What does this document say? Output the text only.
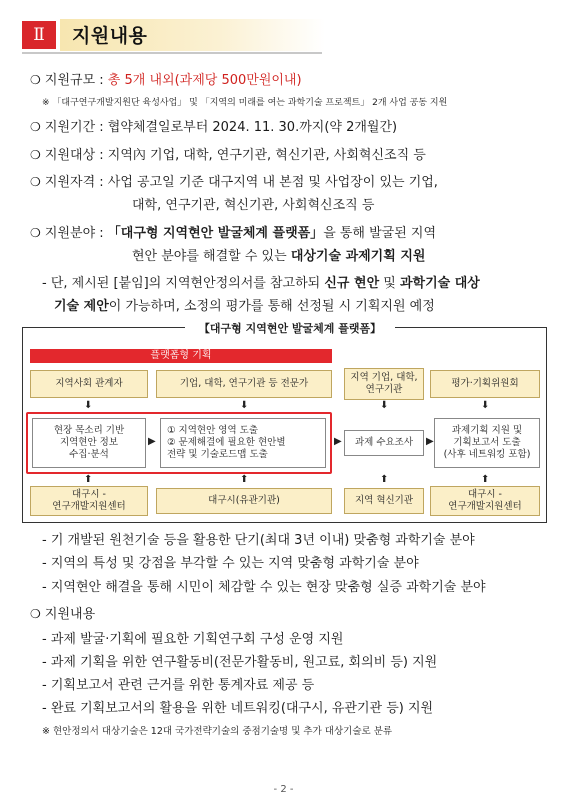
Ⅱ	지원내용
❍ 지원규모 : 총 5개 내외(과제당 500만원이내)
※ 「대구연구개발지원단 육성사업」 및 「지역의 미래를 여는 과학기술 프로젝트」 2개 사업 공동 지원
❍ 지원기간 : 협약체결일로부터 2024. 11. 30.까지(약 2개월간)
❍ 지원대상 : 지역內 기업, 대학, 연구기관, 혁신기관, 사회혁신조직 등
❍ 지원자격 : 사업 공고일 기준 대구지역 내 본점 및 사업장이 있는 기업,
대학, 연구기관, 혁신기관, 사회혁신조직 등
❍ 지원분야 : 「대구형 지역현안 발굴체계 플랫폼」을 통해 발굴된 지역
현안 분야를 해결할 수 있는 대상기술 과제기획 지원
- 단, 제시된 [붙임]의 지역현안정의서를 참고하되 신규 현안 및 과학기술 대상
기술 제안이 가능하며, 소정의 평가를 통해 선정될 시 기획지원 예정
【대구형 지역현안 발굴체계 플랫폼】
플랫폼형 기획
지역사회 관계자	기업, 대학, 연구기관 등 전문가
지역 기업, 대학,
연구기관
평가·기획위원회
⬇	⬇	⬇	⬇
현장 목소리 기반
지역현안 정보
수집·분석
▶
① 지역현안 영역 도출
② 문제해결에 필요한 현안별
전략 및 기술로드맵 도출
▶	과제 수요조사	▶
과제기획 지원 및
기획보고서 도출
(사후 네트워킹 포함)
⬆	⬆	⬆	⬆
대구시 -
연구개발지원센터
대구시(유관기관)	지역 혁신기관
대구시 -
연구개발지원센터
- 기 개발된 원천기술 등을 활용한 단기(최대 3년 이내) 맞춤형 과학기술 분야
- 지역의 특성 및 강점을 부각할 수 있는 지역 맞춤형 과학기술 분야
- 지역현안 해결을 통해 시민이 체감할 수 있는 현장 맞춤형 실증 과학기술 분야
❍ 지원내용
- 과제 발굴·기획에 필요한 기획연구회 구성 운영 지원
- 과제 기획을 위한 연구활동비(전문가활동비, 원고료, 회의비 등) 지원
- 기획보고서 관련 근거를 위한 통계자료 제공 등
- 완료 기획보고서의 활용을 위한 네트워킹(대구시, 유관기관 등) 지원
※ 현안정의서 대상기술은 12대 국가전략기술의 중점기술명 및 추가 대상기술로 분류
- 2 -
